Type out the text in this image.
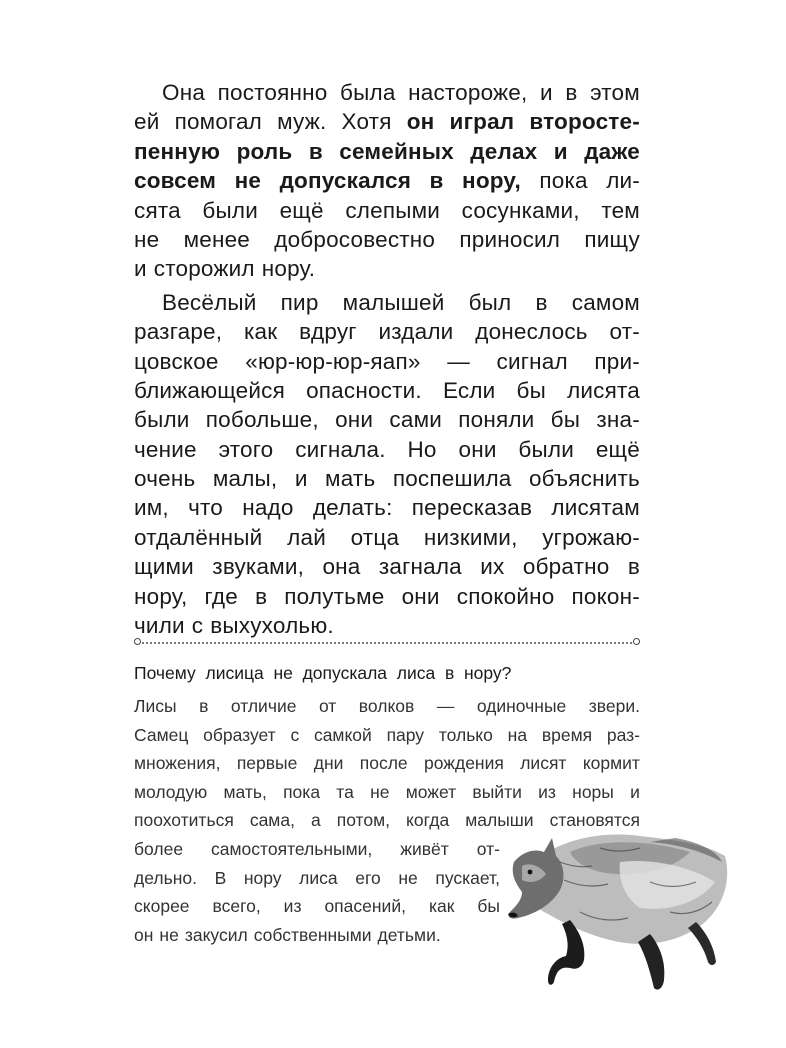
Она постоянно была настороже, и в этом
ей помогал муж. Хотя он играл второсте-
пенную роль в семейных делах и даже
совсем не допускался в нору, пока ли-
сята были ещё слепыми сосунками, тем
не менее добросовестно приносил пищу
и сторожил нору.
Весёлый пир малышей был в самом
разгаре, как вдруг издали донеслось от-
цовское «юр-юр-юр-яап» — сигнал при-
ближающейся опасности. Если бы лисята
были побольше, они сами поняли бы зна-
чение этого сигнала. Но они были ещё
очень малы, и мать поспешила объяснить
им, что надо делать: пересказав лисятам
отдалённый лай отца низкими, угрожаю-
щими звуками, она загнала их обратно в
нору, где в полутьме они спокойно покон-
чили с выхухолью.
Почему  лисица  не  допускала  лиса  в  нору?
Лисы в отличие от волков — одиночные звери.
Самец образует с самкой пару только на время раз-
множения, первые дни после рождения лисят кормит
молодую мать, пока та не может выйти из норы и
поохотиться сама, а потом, когда малыши становятся
более самостоятельными, живёт от-
дельно. В нору лиса его не пускает,
скорее всего, из опасений, как бы
он не закусил собственными детьми.
